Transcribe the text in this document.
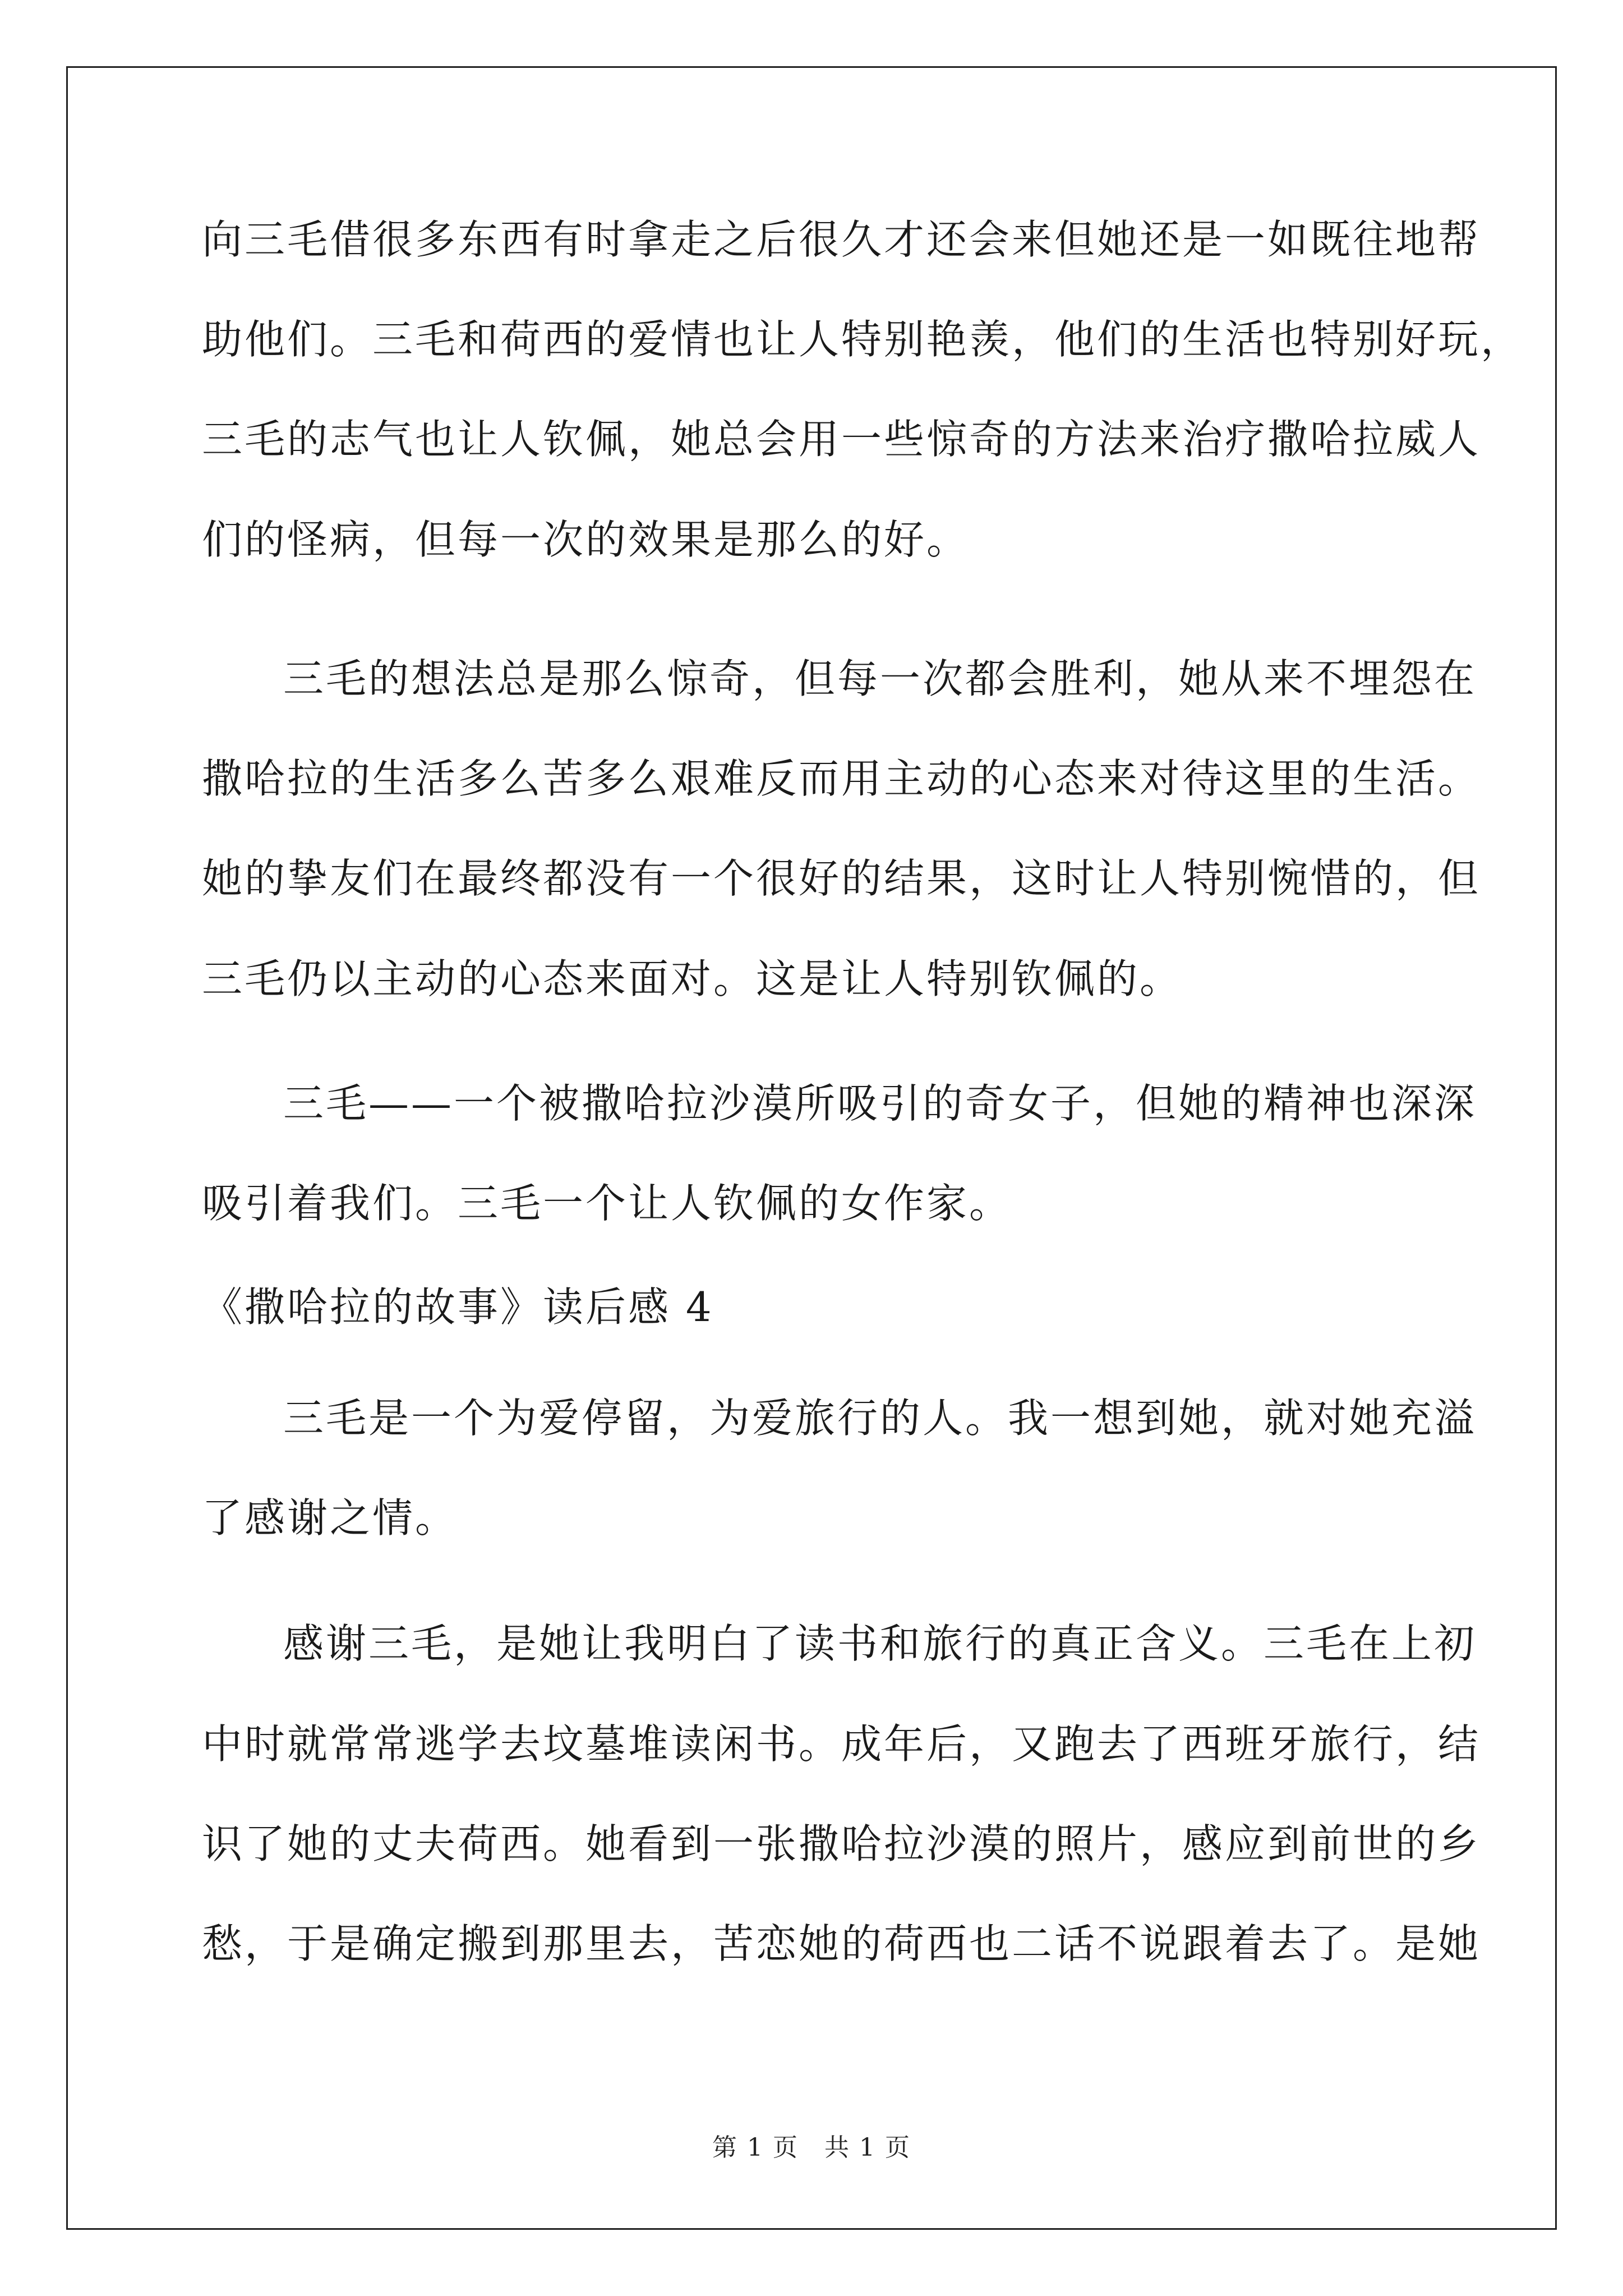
向三毛借很多东西有时拿走之后很久才还会来但她还是一如既往地帮
助他们。三毛和荷西的爱情也让人特别艳羡，他们的生活也特别好玩，
三毛的志气也让人钦佩，她总会用一些惊奇的方法来治疗撒哈拉威人
们的怪病，但每一次的效果是那么的好。
三毛的想法总是那么惊奇，但每一次都会胜利，她从来不埋怨在
撒哈拉的生活多么苦多么艰难反而用主动的心态来对待这里的生活。
她的挚友们在最终都没有一个很好的结果，这时让人特别惋惜的，但
三毛仍以主动的心态来面对。这是让人特别钦佩的。
三毛——一个被撒哈拉沙漠所吸引的奇女子，但她的精神也深深
吸引着我们。三毛一个让人钦佩的女作家。
《撒哈拉的故事》读后感 4
三毛是一个为爱停留，为爱旅行的人。我一想到她，就对她充溢
了感谢之情。
感谢三毛，是她让我明白了读书和旅行的真正含义。三毛在上初
中时就常常逃学去坟墓堆读闲书。成年后，又跑去了西班牙旅行，结
识了她的丈夫荷西。她看到一张撒哈拉沙漠的照片，感应到前世的乡
愁，于是确定搬到那里去，苦恋她的荷西也二话不说跟着去了。是她
第 1 页　共 1 页
